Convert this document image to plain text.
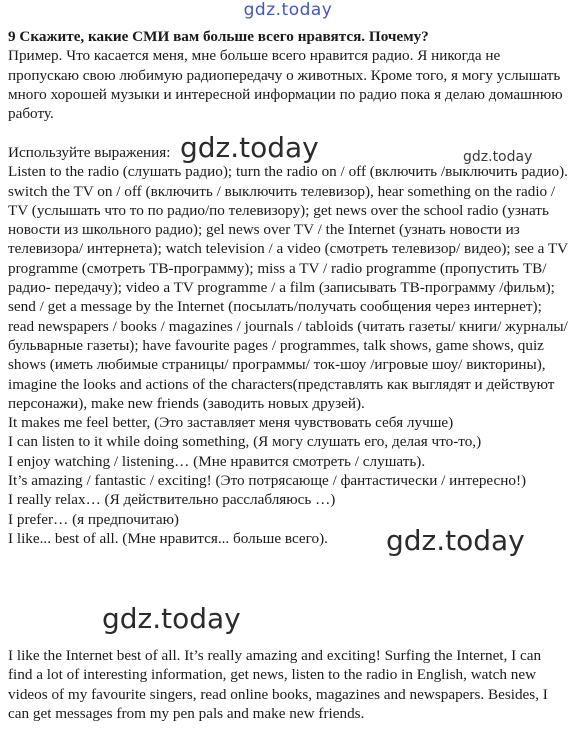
gdz.today

9 Скажите, какие СМИ вам больше всего нравятся. Почему?

Пример. Что касается меня, мне больше всего нравится радио. Я никогда не пропускаю свою любимую радиопередачу о животных. Кроме того, я могу услышать много хорошей музыки и интересной информации по радио пока я делаю домашнюю работу.

Используйте выражения:

Listen to the radio (слушать радио); turn the radio on / off (включить /выключить радио). switch the TV on / off (включить / выключить телевизор), hear something on the radio / TV (услышать что то по радио/по телевизору); get news over the school radio (узнать новости из школьного радио); gel news over TV / the Internet (узнать новости из телевизора/ интернета); watch television / a video (смотреть телевизор/ видео); see a TV programme (смотреть ТВ-программу); miss a TV / radio programme (пропустить ТВ/радио- передачу); video a TV programme / a film (записывать ТВ-программу /фильм); send / get a message by the Internet (посылать/получать сообщения через интернет); read newspapers / books / magazines / journals / tabloids (читать газеты/ книги/ журналы/ бульварные газеты); have favourite pages / programmes, talk shows, game shows, quiz shows (иметь любимые страницы/ программы/ ток-шоу /игровые шоу/ викторины), imagine the looks and actions of the characters(представлять как выглядят и действуют персонажи), make new friends (заводить новых друзей).

It makes me feel better, (Это заставляет меня чувствовать себя лучше)

I can listen to it while doing something, (Я могу слушать его, делая что-то,)

I enjoy watching / listening… (Мне нравится смотреть / слушать).

It’s amazing / fantastic / exciting! (Это потрясающе / фантастически / интересно!)

I really relax… (Я действительно расслабляюсь …)

I prefer… (я предпочитаю)

I like... best of all. (Мне нравится... больше всего).

I like the Internet best of all. It’s really amazing and exciting! Surfing the Internet, I can find a lot of interesting information, get news, listen to the radio in English, watch new videos of my favourite singers, read online books, magazines and newspapers. Besides, I can get messages from my pen pals and make new friends.

gdz.today	gdz.today
gdz.today
gdz.today
